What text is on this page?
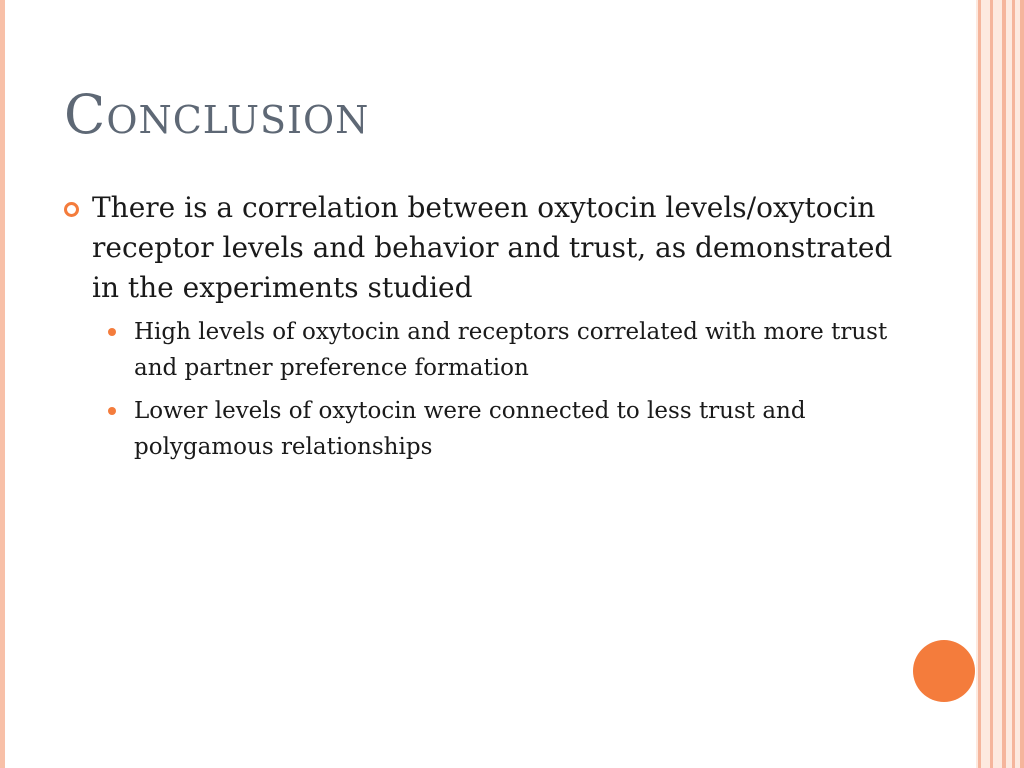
Conclusion
There is a correlation between oxytocin levels/oxytocin receptor levels and behavior and trust, as demonstrated in the experiments studied
High levels of oxytocin and receptors correlated with more trust and partner preference formation
Lower levels of oxytocin were connected to less trust and polygamous relationships
